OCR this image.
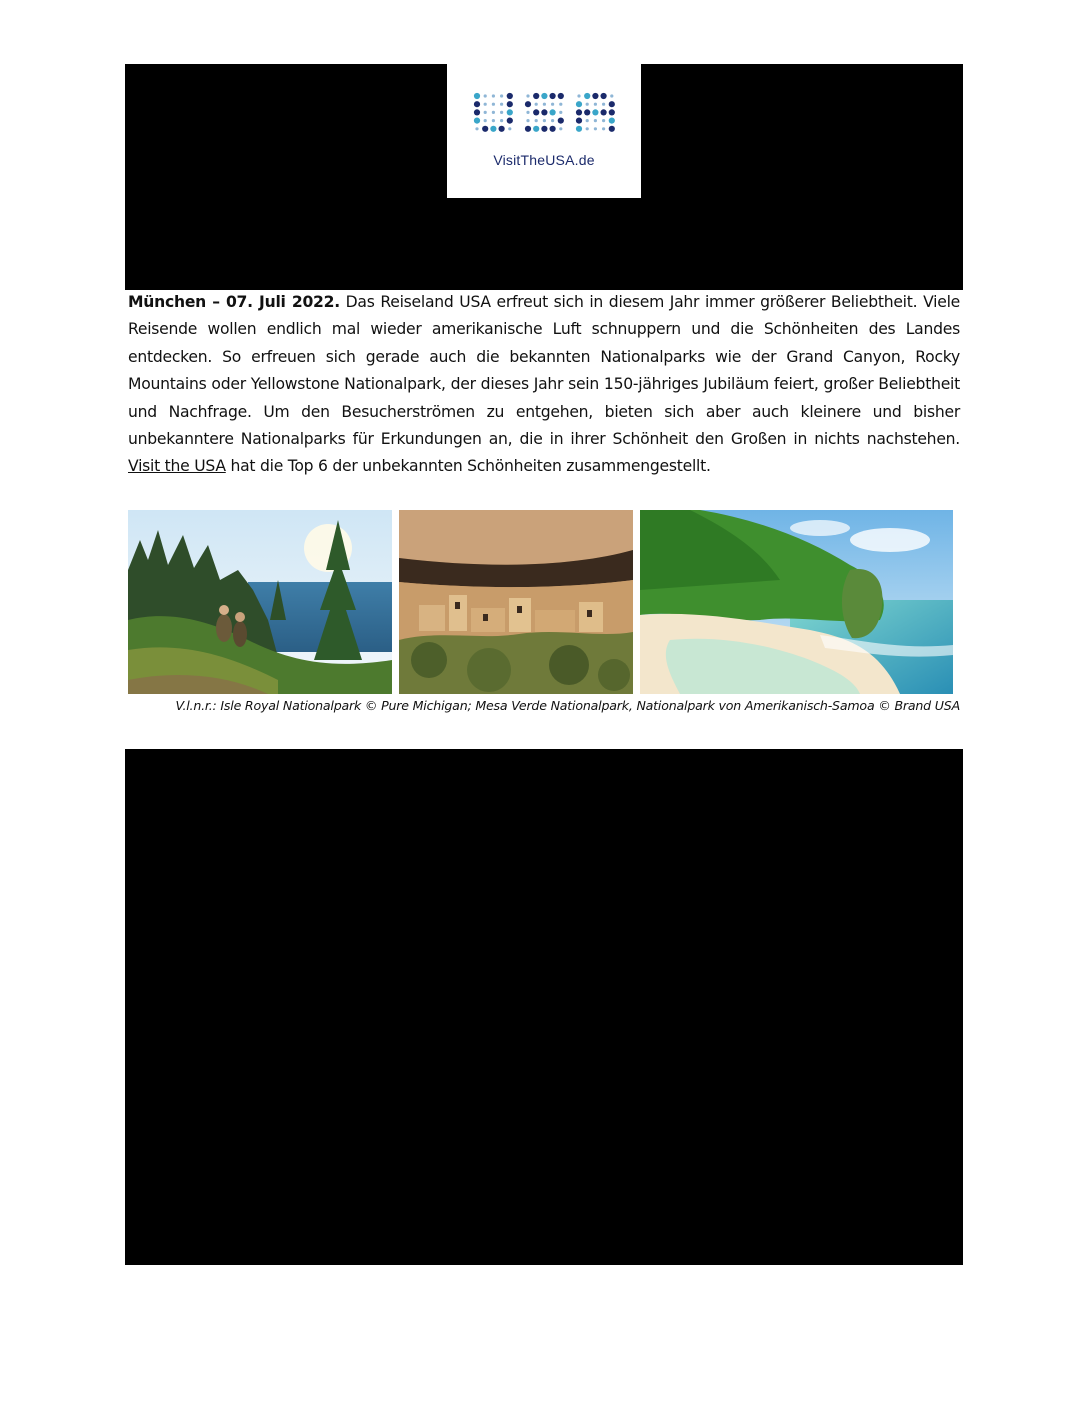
VisitTheUSA.de

München – 07. Juli 2022. Das Reiseland USA erfreut sich in diesem Jahr immer größerer Beliebtheit. Viele Reisende wollen endlich mal wieder amerikanische Luft schnuppern und die Schönheiten des Landes entdecken. So erfreuen sich gerade auch die bekannten Nationalparks wie der Grand Canyon, Rocky Mountains oder Yellowstone Nationalpark, der dieses Jahr sein 150-jähriges Jubiläum feiert, großer Beliebtheit und Nachfrage. Um den Besucherströmen zu entgehen, bieten sich aber auch kleinere und bisher unbekanntere Nationalparks für Erkundungen an, die in ihrer Schönheit den Großen in nichts nachstehen. Visit the USA hat die Top 6 der unbekannten Schönheiten zusammengestellt.

V.l.n.r.: Isle Royal Nationalpark © Pure Michigan; Mesa Verde Nationalpark, Nationalpark von Amerikanisch-Samoa © Brand USA
